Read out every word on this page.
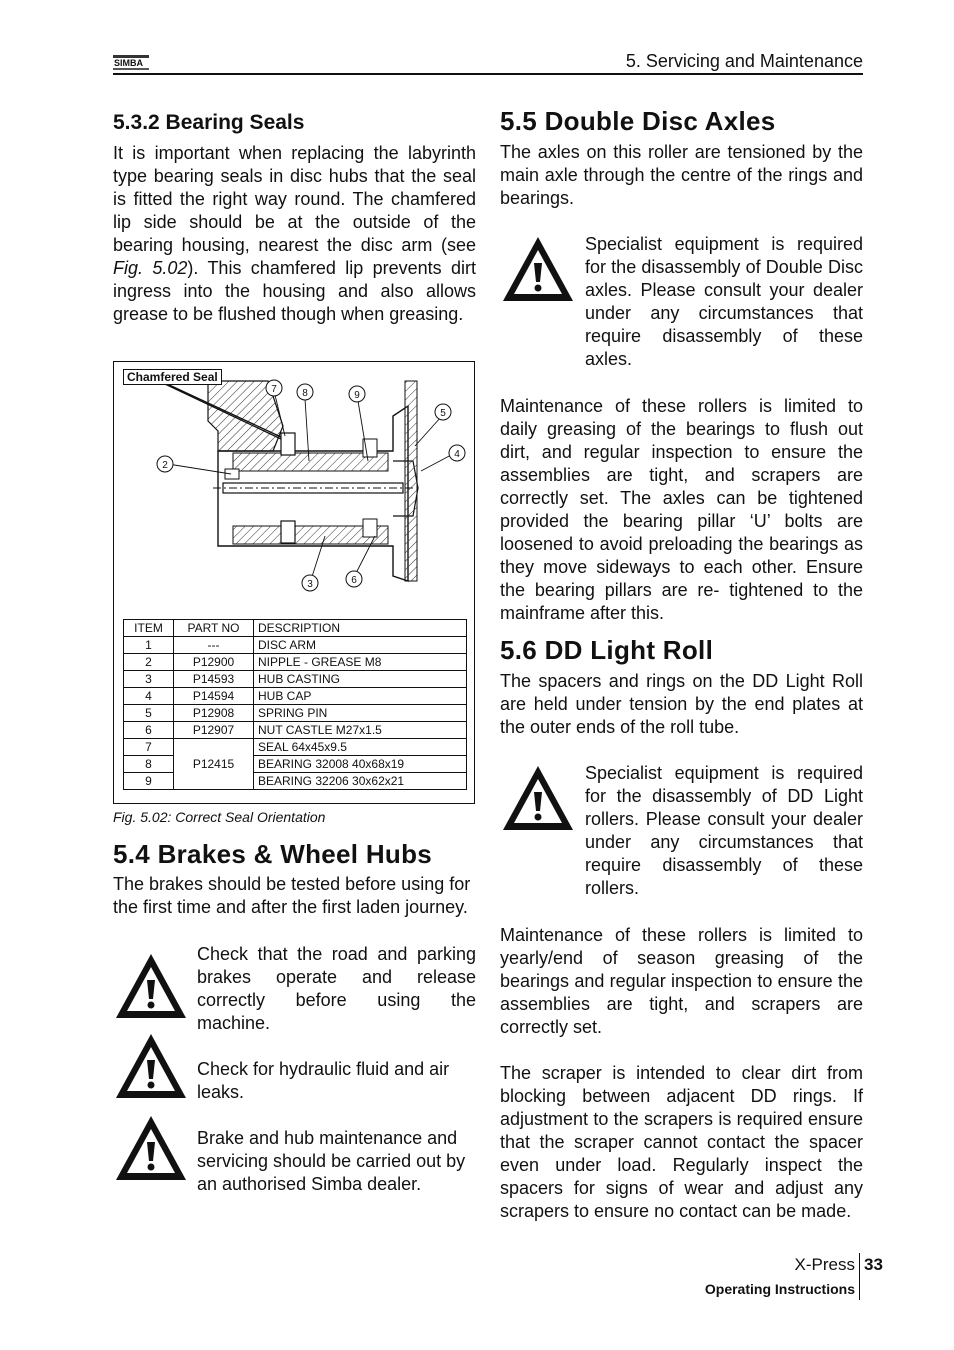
SIMBA	5. Servicing and Maintenance
5.3.2 Bearing Seals

It is important when replacing the labyrinth type bearing seals in disc hubs that the seal is fitted the right way round. The chamfered lip side should be at the outside of the bearing housing, nearest the disc arm (see Fig. 5.02). This chamfered lip prevents dirt ingress into the housing and also allows grease to be flushed though when greasing.

7	8	9
5
4
2
3	6
Chamfered Seal
ITEM	PART NO	DESCRIPTION
1	---	DISC ARM
2	P12900	NIPPLE - GREASE M8
3	P14593	HUB CASTING
4	P14594	HUB CAP
5	P12908	SPRING PIN
6	P12907	NUT CASTLE M27x1.5
7	P12415	SEAL 64x45x9.5
8		BEARING 32008 40x68x19
9		BEARING 32206 30x62x21
Fig. 5.02: Correct Seal Orientation
5.4 Brakes & Wheel Hubs

The brakes should be tested before using for the first time and after the first laden journey.

Check that the road and parking brakes operate and release correctly before using the machine.

Check for hydraulic fluid and air leaks.

Brake and hub maintenance and servicing should be carried out by an authorised Simba dealer.

5.5 Double Disc Axles

The axles on this roller are tensioned by the main axle through the centre of the rings and bearings.

Specialist equipment is required for the disassembly of Double Disc axles. Please consult your dealer under any circumstances that require disassembly of these axles.

Maintenance of these rollers is limited to daily greasing of the bearings to flush out dirt, and regular inspection to ensure the assemblies are tight, and scrapers are correctly set. The axles can be tightened provided the bearing pillar ‘U’ bolts are loosened to avoid preloading the bearings as they move sideways to each other. Ensure the bearing pillars are re- tightened to the mainframe after this.

5.6 DD Light Roll

The spacers and rings on the DD Light Roll are held under tension by the end plates at the outer ends of the roll tube.

Specialist equipment is required for the disassembly of DD Light rollers. Please consult your dealer under any circumstances that require disassembly of these rollers.

Maintenance of these rollers is limited to yearly/end of season greasing of the bearings and regular inspection to ensure the assemblies are tight, and scrapers are correctly set.

The scraper is intended to clear dirt from blocking between adjacent DD rings. If adjustment to the scrapers is required ensure that the scraper cannot contact the spacer even under load. Regularly inspect the spacers for signs of wear and adjust any scrapers to ensure no contact can be made.

X-Press 33
Operating Instructions
